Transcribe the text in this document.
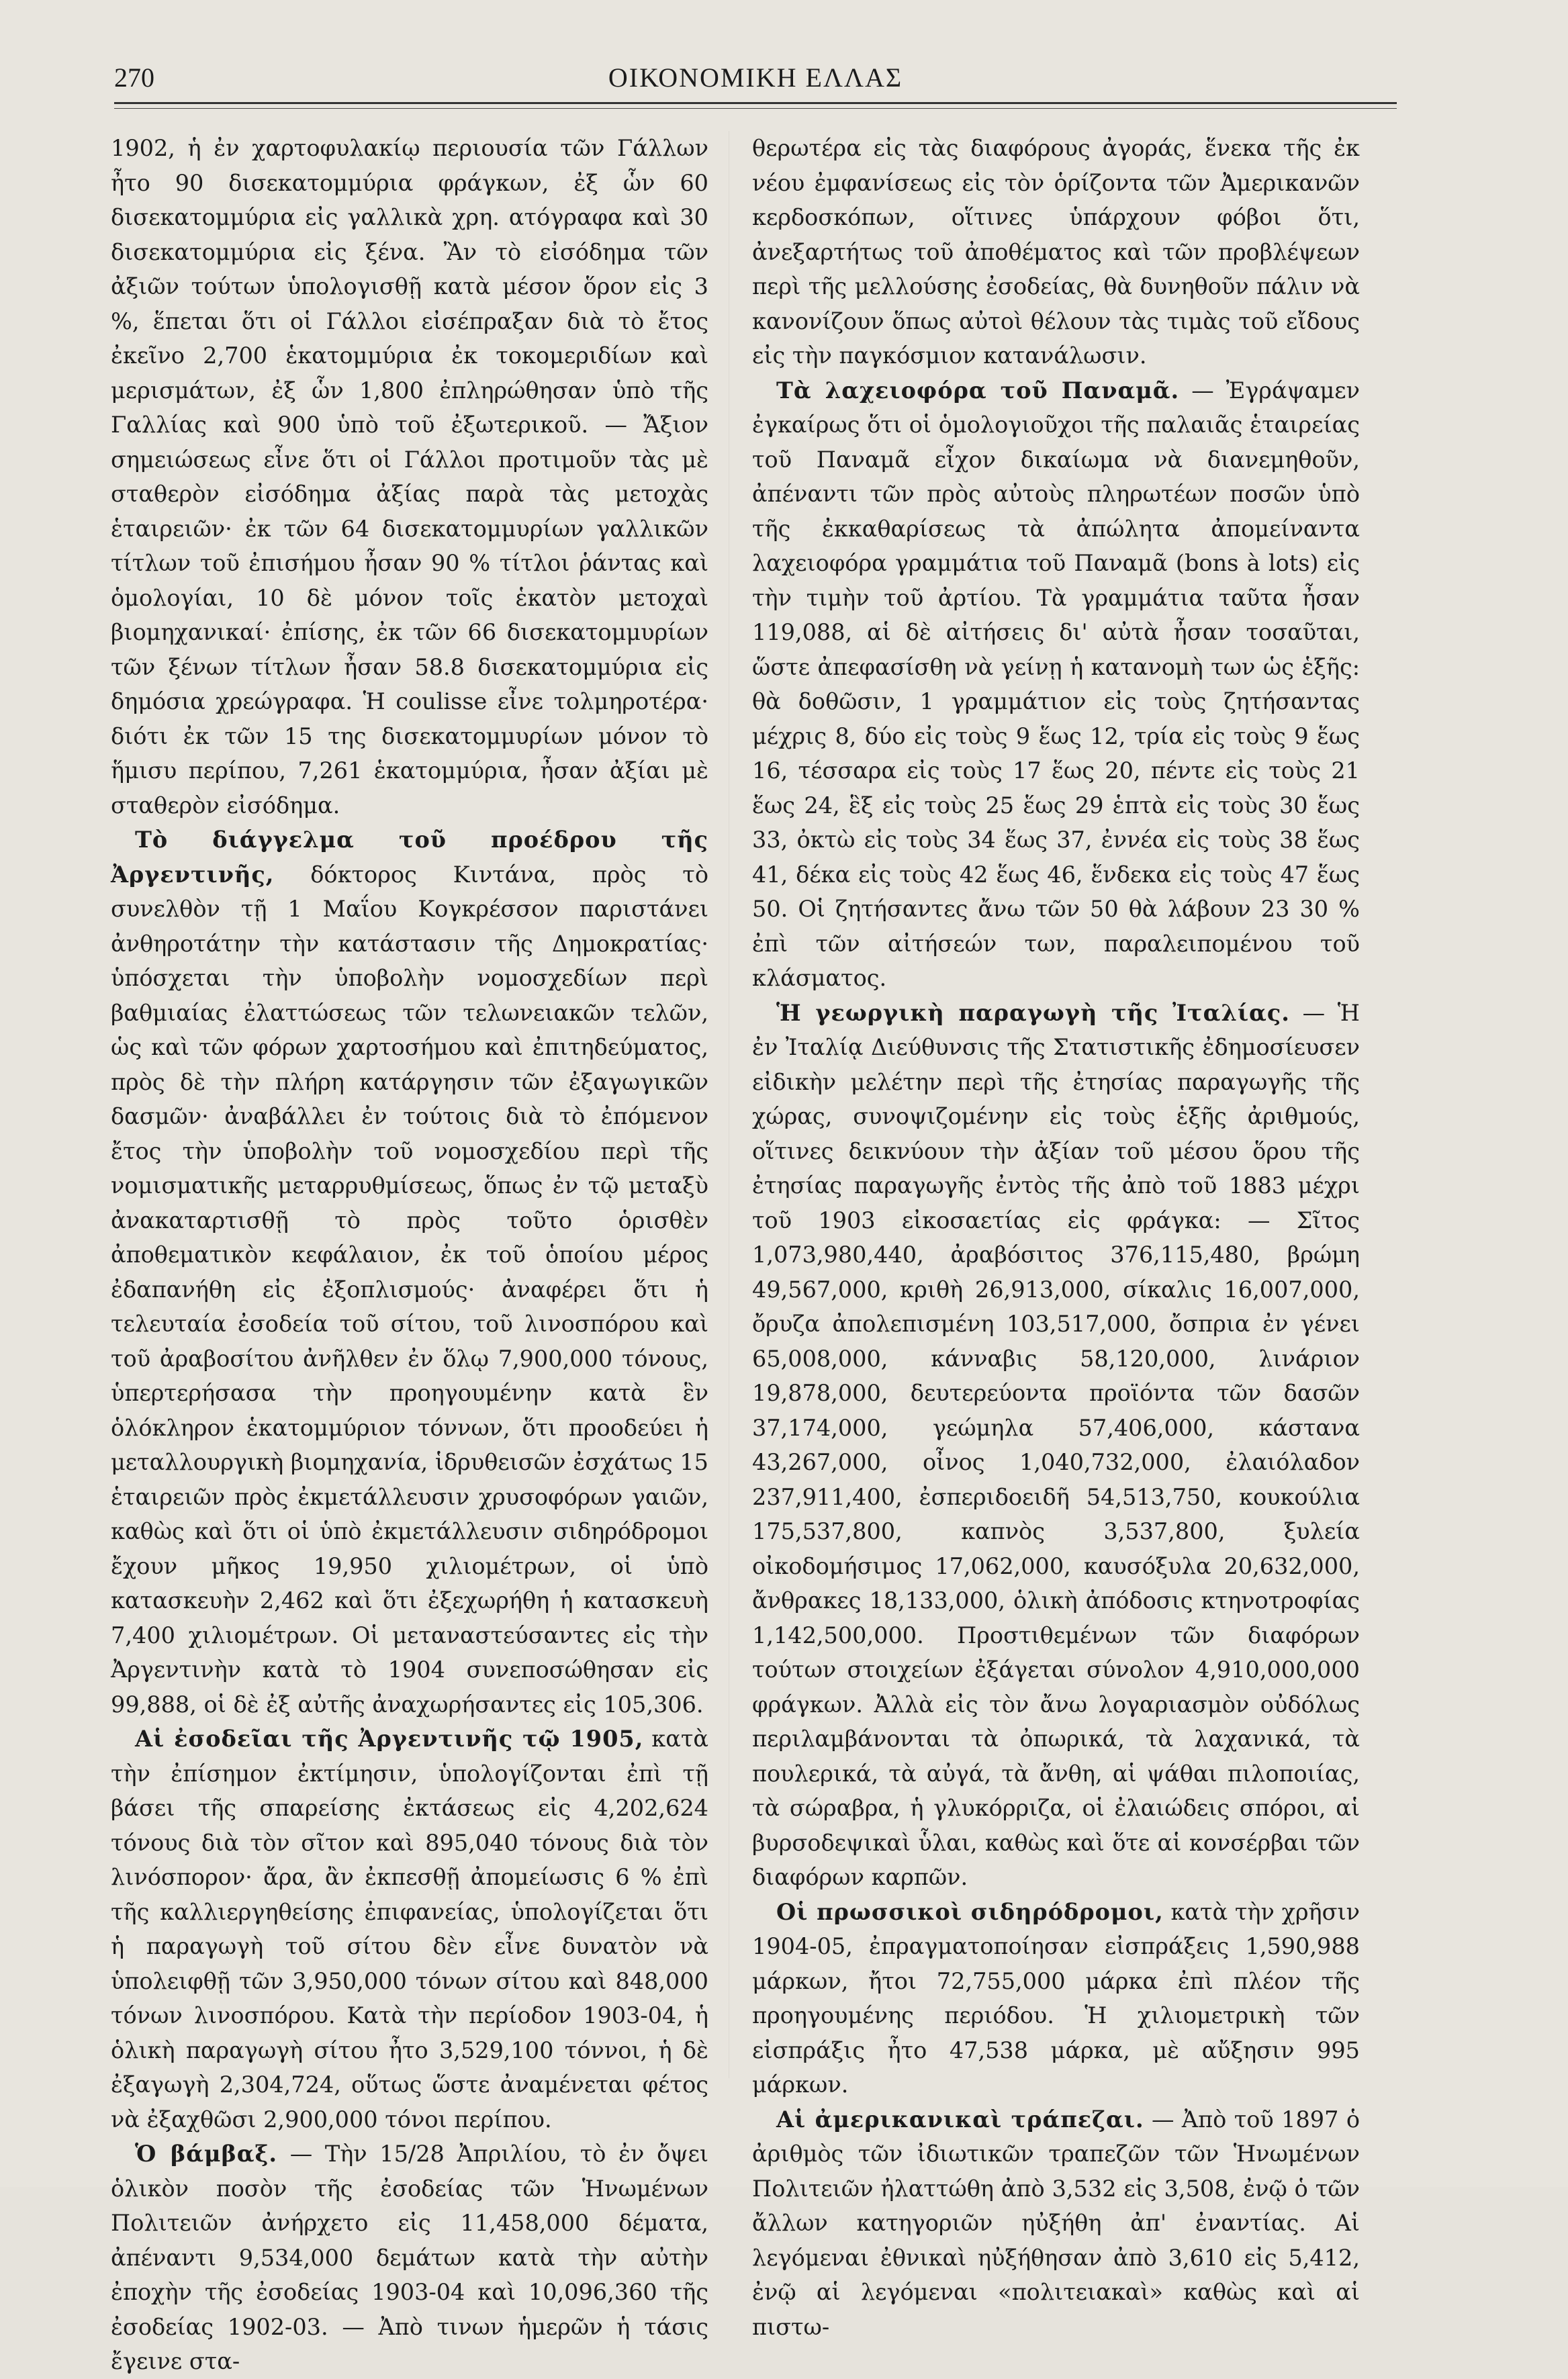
270	ΟΙΚΟΝΟΜΙΚΗ ΕΛΛΑΣ

1902, ἡ ἐν χαρτοφυλακίῳ περιουσία τῶν Γάλλων ἦτο 90 δισεκατομμύρια φράγκων, ἐξ ὧν 60 δισεκατομμύρια εἰς γαλλικὰ χρη. ατόγραφα καὶ 30 δισεκατομμύρια εἰς ξένα. Ἂν τὸ εἰσόδημα τῶν ἀξιῶν τούτων ὑπολογισθῇ κατὰ μέσον ὅρον εἰς 3 %, ἕπεται ὅτι οἱ Γάλλοι εἰσέπραξαν διὰ τὸ ἔτος ἐκεῖνο 2,700 ἑκατομμύρια ἐκ τοκομεριδίων καὶ μερισμάτων, ἐξ ὧν 1,800 ἐπληρώθησαν ὑπὸ τῆς Γαλλίας καὶ 900 ὑπὸ τοῦ ἐξωτερικοῦ. — Ἄξιον σημειώσεως εἶνε ὅτι οἱ Γάλλοι προτιμοῦν τὰς μὲ σταθερὸν εἰσόδημα ἀξίας παρὰ τὰς μετοχὰς ἑταιρειῶν· ἐκ τῶν 64 δισεκατομμυρίων γαλλικῶν τίτλων τοῦ ἐπισήμου ἦσαν 90 % τίτλοι ῥάντας καὶ ὁμολογίαι, 10 δὲ μόνον τοῖς ἑκατὸν μετοχαὶ βιομηχανικαί· ἐπίσης, ἐκ τῶν 66 δισεκατομμυρίων τῶν ξένων τίτλων ἦσαν 58.8 δισεκατομμύρια εἰς δημόσια χρεώγραφα. Ἡ coulisse εἶνε τολμηροτέρα· διότι ἐκ τῶν 15 της δισεκατομμυρίων μόνον τὸ ἥμισυ περίπου, 7,261 ἑκατομμύρια, ἦσαν ἀξίαι μὲ σταθερὸν εἰσόδημα.

Τὸ διάγγελμα τοῦ προέδρου τῆς Ἀργεντινῆς, δόκτορος Κιντάνα, πρὸς τὸ συνελθὸν τῇ 1 Μαΐου Κογκρέσσον παριστάνει ἀνθηροτάτην τὴν κατάστασιν τῆς Δημοκρατίας· ὑπόσχεται τὴν ὑποβολὴν νομοσχεδίων περὶ βαθμιαίας ἐλαττώσεως τῶν τελωνειακῶν τελῶν, ὡς καὶ τῶν φόρων χαρτοσήμου καὶ ἐπιτηδεύματος, πρὸς δὲ τὴν πλήρη κατάργησιν τῶν ἐξαγωγικῶν δασμῶν· ἀναβάλλει ἐν τούτοις διὰ τὸ ἐπόμενον ἔτος τὴν ὑποβολὴν τοῦ νομοσχεδίου περὶ τῆς νομισματικῆς μεταρρυθμίσεως, ὅπως ἐν τῷ μεταξὺ ἀνακαταρτισθῇ τὸ πρὸς τοῦτο ὁρισθὲν ἀποθεματικὸν κεφάλαιον, ἐκ τοῦ ὁποίου μέρος ἐδαπανήθη εἰς ἐξοπλισμούς· ἀναφέρει ὅτι ἡ τελευταία ἐσοδεία τοῦ σίτου, τοῦ λινοσπόρου καὶ τοῦ ἀραβοσίτου ἀνῆλθεν ἐν ὅλῳ 7,900,000 τόνους, ὑπερτερήσασα τὴν προηγουμένην κατὰ ἓν ὁλόκληρον ἑκατομμύριον τόννων, ὅτι προοδεύει ἡ μεταλλουργικὴ βιομηχανία, ἱδρυθεισῶν ἐσχάτως 15 ἑταιρειῶν πρὸς ἐκμετάλλευσιν χρυσοφόρων γαιῶν, καθὼς καὶ ὅτι οἱ ὑπὸ ἐκμετάλλευσιν σιδηρόδρομοι ἔχουν μῆκος 19,950 χιλιομέτρων, οἱ ὑπὸ κατασκευὴν 2,462 καὶ ὅτι ἐξεχωρήθη ἡ κατασκευὴ 7,400 χιλιομέτρων. Οἱ μεταναστεύσαντες εἰς τὴν Ἀργεντινὴν κατὰ τὸ 1904 συνεποσώθησαν εἰς 99,888, οἱ δὲ ἐξ αὐτῆς ἀναχωρήσαντες εἰς 105,306.

Αἱ ἐσοδεῖαι τῆς Ἀργεντινῆς τῷ 1905, κατὰ τὴν ἐπίσημον ἐκτίμησιν, ὑπολογίζονται ἐπὶ τῇ βάσει τῆς σπαρείσης ἐκτάσεως εἰς 4,202,624 τόνους διὰ τὸν σῖτον καὶ 895,040 τόνους διὰ τὸν λινόσπορον· ἄρα, ἂν ἐκπεσθῇ ἀπομείωσις 6 % ἐπὶ τῆς καλλιεργηθείσης ἐπιφανείας, ὑπολογίζεται ὅτι ἡ παραγωγὴ τοῦ σίτου δὲν εἶνε δυνατὸν νὰ ὑπολειφθῇ τῶν 3,950,000 τόνων σίτου καὶ 848,000 τόνων λινοσπόρου. Κατὰ τὴν περίοδον 1903-04, ἡ ὁλικὴ παραγωγὴ σίτου ἦτο 3,529,100 τόννοι, ἡ δὲ ἐξαγωγὴ 2,304,724, οὕτως ὥστε ἀναμένεται φέτος νὰ ἐξαχθῶσι 2,900,000 τόνοι περίπου.

Ὁ βάμβαξ. — Τὴν 15/28 Ἀπριλίου, τὸ ἐν ὄψει ὁλικὸν ποσὸν τῆς ἐσοδείας τῶν Ἡνωμένων Πολιτειῶν ἀνήρχετο εἰς 11,458,000 δέματα, ἀπέναντι 9,534,000 δεμάτων κατὰ τὴν αὐτὴν ἐποχὴν τῆς ἐσοδείας 1903-04 καὶ 10,096,360 τῆς ἐσοδείας 1902-03. — Ἀπὸ τινων ἡμερῶν ἡ τάσις ἔγεινε στα-

θερωτέρα εἰς τὰς διαφόρους ἀγοράς, ἕνεκα τῆς ἐκ νέου ἐμφανίσεως εἰς τὸν ὁρίζοντα τῶν Ἀμερικανῶν κερδοσκόπων, οἵτινες ὑπάρχουν φόβοι ὅτι, ἀνεξαρτήτως τοῦ ἀποθέματος καὶ τῶν προβλέψεων περὶ τῆς μελλούσης ἐσοδείας, θὰ δυνηθοῦν πάλιν νὰ κανονίζουν ὅπως αὐτοὶ θέλουν τὰς τιμὰς τοῦ εἴδους εἰς τὴν παγκόσμιον κατανάλωσιν.

Τὰ λαχειοφόρα τοῦ Παναμᾶ. — Ἐγράψαμεν ἐγκαίρως ὅτι οἱ ὁμολογιοῦχοι τῆς παλαιᾶς ἑταιρείας τοῦ Παναμᾶ εἶχον δικαίωμα νὰ διανεμηθοῦν, ἀπέναντι τῶν πρὸς αὐτοὺς πληρωτέων ποσῶν ὑπὸ τῆς ἐκκαθαρίσεως τὰ ἀπώλητα ἀπομείναντα λαχειοφόρα γραμμάτια τοῦ Παναμᾶ (bons à lots) εἰς τὴν τιμὴν τοῦ ἀρτίου. Τὰ γραμμάτια ταῦτα ἦσαν 119,088, αἱ δὲ αἰτήσεις δι' αὐτὰ ἦσαν τοσαῦται, ὥστε ἀπεφασίσθη νὰ γείνῃ ἡ κατανομὴ των ὡς ἑξῆς: θὰ δοθῶσιν, 1 γραμμάτιον εἰς τοὺς ζητήσαντας μέχρις 8, δύο εἰς τοὺς 9 ἕως 12, τρία εἰς τοὺς 9 ἕως 16, τέσσαρα εἰς τοὺς 17 ἕως 20, πέντε εἰς τοὺς 21 ἕως 24, ἓξ εἰς τοὺς 25 ἕως 29 ἑπτὰ εἰς τοὺς 30 ἕως 33, ὀκτὼ εἰς τοὺς 34 ἕως 37, ἐννέα εἰς τοὺς 38 ἕως 41, δέκα εἰς τοὺς 42 ἕως 46, ἕνδεκα εἰς τοὺς 47 ἕως 50. Οἱ ζητήσαντες ἄνω τῶν 50 θὰ λάβουν 23 30 % ἐπὶ τῶν αἰτήσεών των, παραλειπομένου τοῦ κλάσματος.

Ἡ γεωργικὴ παραγωγὴ τῆς Ἰταλίας. — Ἡ ἐν Ἰταλίᾳ Διεύθυνσις τῆς Στατιστικῆς ἐδημοσίευσεν εἰδικὴν μελέτην περὶ τῆς ἐτησίας παραγωγῆς τῆς χώρας, συνοψιζομένην εἰς τοὺς ἑξῆς ἀριθμούς, οἵτινες δεικνύουν τὴν ἀξίαν τοῦ μέσου ὅρου τῆς ἐτησίας παραγωγῆς ἐντὸς τῆς ἀπὸ τοῦ 1883 μέχρι τοῦ 1903 εἰκοσαετίας εἰς φράγκα: — Σῖτος 1,073,980,440, ἀραβόσιτος 376,115,480, βρώμη 49,567,000, κριθὴ 26,913,000, σίκαλις 16,007,000, ὄρυζα ἀπολεπισμένη 103,517,000, ὄσπρια ἐν γένει 65,008,000, κάνναβις 58,120,000, λινάριον 19,878,000, δευτερεύοντα προϊόντα τῶν δασῶν 37,174,000, γεώμηλα 57,406,000, κάστανα 43,267,000, οἶνος 1,040,732,000, ἐλαιόλαδον 237,911,400, ἐσπεριδοειδῆ 54,513,750, κουκούλια 175,537,800, καπνὸς 3,537,800, ξυλεία οἰκοδομήσιμος 17,062,000, καυσόξυλα 20,632,000, ἄνθρακες 18,133,000, ὁλικὴ ἀπόδοσις κτηνοτροφίας 1,142,500,000. Προστιθεμένων τῶν διαφόρων τούτων στοιχείων ἐξάγεται σύνολον 4,910,000,000 φράγκων. Ἀλλὰ εἰς τὸν ἄνω λογαριασμὸν οὐδόλως περιλαμβάνονται τὰ ὀπωρικά, τὰ λαχανικά, τὰ πουλερικά, τὰ αὐγά, τὰ ἄνθη, αἱ ψάθαι πιλοποιίας, τὰ σώραβρα, ἡ γλυκόρριζα, οἱ ἐλαιώδεις σπόροι, αἱ βυρσοδεψικαὶ ὗλαι, καθὼς καὶ ὅτε αἱ κονσέρβαι τῶν διαφόρων καρπῶν.

Οἱ πρωσσικοὶ σιδηρόδρομοι, κατὰ τὴν χρῆσιν 1904-05, ἐπραγματοποίησαν εἰσπράξεις 1,590,988 μάρκων, ἤτοι 72,755,000 μάρκα ἐπὶ πλέον τῆς προηγουμένης περιόδου. Ἡ χιλιομετρικὴ τῶν εἰσπράξις ἦτο 47,538 μάρκα, μὲ αὔξησιν 995 μάρκων.

Αἱ ἀμερικανικαὶ τράπεζαι. — Ἀπὸ τοῦ 1897 ὁ ἀριθμὸς τῶν ἰδιωτικῶν τραπεζῶν τῶν Ἡνωμένων Πολιτειῶν ἠλαττώθη ἀπὸ 3,532 εἰς 3,508, ἐνῷ ὁ τῶν ἄλλων κατηγοριῶν ηὐξήθη ἀπ' ἐναντίας. Αἱ λεγόμεναι ἐθνικαὶ ηὐξήθησαν ἀπὸ 3,610 εἰς 5,412, ἐνῷ αἱ λεγόμεναι «πολιτειακαὶ» καθὼς καὶ αἱ πιστω-
